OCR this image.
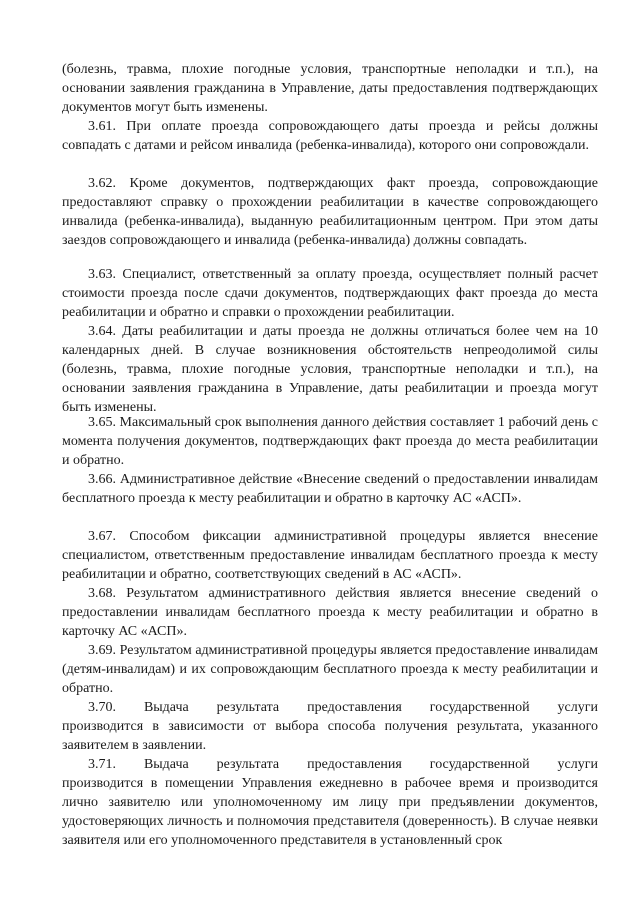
(болезнь, травма, плохие погодные условия, транспортные неполадки и т.п.), на основании заявления гражданина в Управление, даты предоставления подтверждающих документов могут быть изменены.

3.61. При оплате проезда сопровождающего даты проезда и рейсы должны совпадать с датами и рейсом инвалида (ребенка-инвалида), которого они сопровождали.

3.62. Кроме документов, подтверждающих факт проезда, сопровождающие предоставляют справку о прохождении реабилитации в качестве сопровождающего инвалида (ребенка-инвалида), выданную реабилитационным центром. При этом даты заездов сопровождающего и инвалида (ребенка-инвалида) должны совпадать.

3.63. Специалист, ответственный за оплату проезда, осуществляет полный расчет стоимости проезда после сдачи документов, подтверждающих факт проезда до места реабилитации и обратно и справки о прохождении реабилитации.

3.64. Даты реабилитации и даты проезда не должны отличаться более чем на 10 календарных дней. В случае возникновения обстоятельств непреодолимой силы (болезнь, травма, плохие погодные условия, транспортные неполадки и т.п.), на основании заявления гражданина в Управление, даты реабилитации и проезда могут быть изменены.

3.65. Максимальный срок выполнения данного действия составляет 1 рабочий день с момента получения документов, подтверждающих факт проезда до места реабилитации и обратно.

3.66. Административное действие «Внесение сведений о предоставлении инвалидам бесплатного проезда к месту реабилитации и обратно в карточку АС «АСП».

3.67. Способом фиксации административной процедуры является внесение специалистом, ответственным предоставление инвалидам бесплатного проезда к месту реабилитации и обратно, соответствующих сведений в АС «АСП».

3.68. Результатом административного действия является внесение сведений о предоставлении инвалидам бесплатного проезда к месту реабилитации и обратно в карточку АС «АСП».

3.69. Результатом административной процедуры является предоставление инвалидам (детям-инвалидам) и их сопровождающим бесплатного проезда к месту реабилитации и обратно.

3.70. Выдача результата предоставления государственной услуги
производится в зависимости от выбора способа получения результата, указанного заявителем в заявлении.
3.71. Выдача результата предоставления государственной услуги
производится в помещении Управления ежедневно в рабочее время и производится лично заявителю или уполномоченному им лицу при предъявлении документов, удостоверяющих личность и полномочия представителя (доверенность). В случае неявки заявителя или его уполномоченного представителя в установленный срок
